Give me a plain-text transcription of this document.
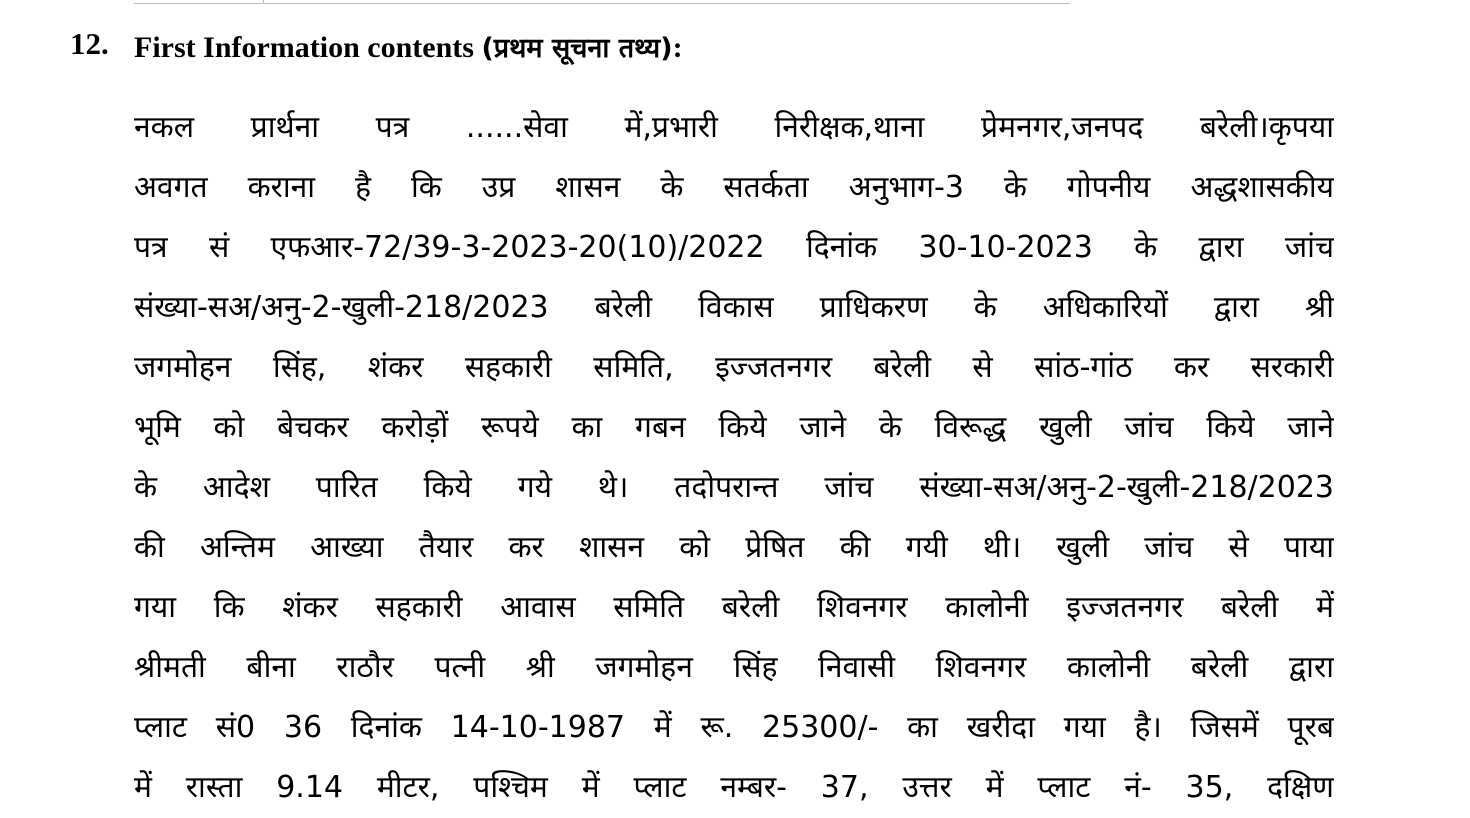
12. First Information contents (प्रथम सूचना तथ्य):
नकल प्रार्थना पत्र ......सेवा में,प्रभारी निरीक्षक,थाना प्रेमनगर,जनपद बरेली।कृपया
अवगत कराना है कि उप्र शासन के सतर्कता अनुभाग-3 के गोपनीय अद्धशासकीय
पत्र सं एफआर-72/39-3-2023-20(10)/2022 दिनांक 30-10-2023 के द्वारा जांच
संख्या-सअ/अनु-2-खुली-218/2023 बरेली विकास प्राधिकरण के अधिकारियों द्वारा श्री
जगमोहन सिंह, शंकर सहकारी समिति, इज्जतनगर बरेली से सांठ-गांठ कर सरकारी
भूमि को बेचकर करोड़ों रूपये का गबन किये जाने के विरूद्ध खुली जांच किये जाने
के आदेश पारित किये गये थे। तदोपरान्त जांच संख्या-सअ/अनु-2-खुली-218/2023
की अन्तिम आख्या तैयार कर शासन को प्रेषित की गयी थी। खुली जांच से पाया
गया कि शंकर सहकारी आवास समिति बरेली शिवनगर कालोनी इज्जतनगर बरेली में
श्रीमती बीना राठौर पत्नी श्री जगमोहन सिंह निवासी शिवनगर कालोनी बरेली द्वारा
प्लाट सं0 36 दिनांक 14-10-1987 में रू. 25300/- का खरीदा गया है। जिसमें पूरब
में रास्ता 9.14 मीटर, पश्चिम में प्लाट नम्बर- 37, उत्तर में प्लाट नं- 35, दक्षिण
